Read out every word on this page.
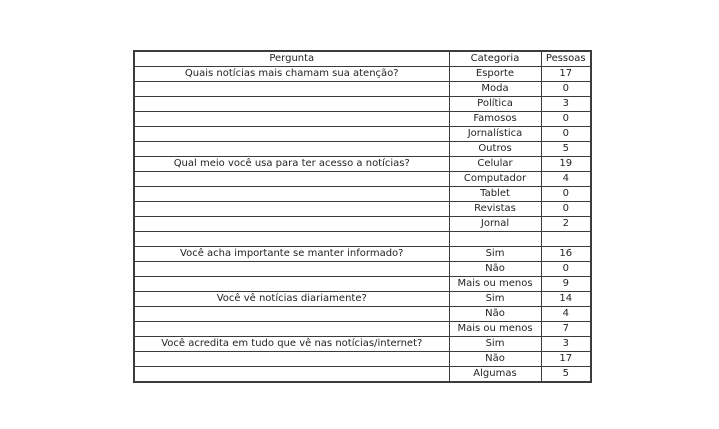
Pergunta	Categoria	Pessoas
Quais notícias mais chamam sua atenção?	Esporte	17
	Moda	0
	Política	3
	Famosos	0
	Jornalística	0
	Outros	5
Qual meio você usa para ter acesso a notícias?	Celular	19
	Computador	4
	Tablet	0
	Revistas	0
	Jornal	2

Você acha importante se manter informado?	Sim	16
	Não	0
	Mais ou menos	9
Você vê notícias diariamente?	Sim	14
	Não	4
	Mais ou menos	7
Você acredita em tudo que vê nas notícias/internet?	Sim	3
	Não	17
	Algumas	5
